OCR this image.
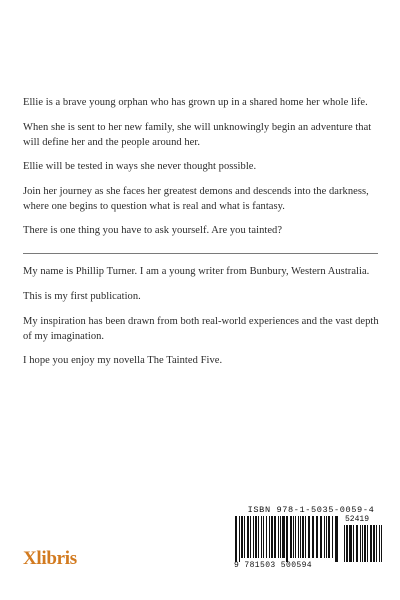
Ellie is a brave young orphan who has grown up in a shared home her whole life.

When she is sent to her new family, she will unknowingly begin an adventure that will define her and the people around her.

Ellie will be tested in ways she never thought possible.

Join her journey as she faces her greatest demons and descends into the darkness, where one begins to question what is real and what is fantasy.

There is one thing you have to ask yourself. Are you tainted?

My name is Phillip Turner. I am a young writer from Bunbury, Western Australia.

This is my first publication.

My inspiration has been drawn from both real-world experiences and the vast depth of my imagination.

I hope you enjoy my novella The Tainted Five.

ISBN 978-1-5035-0059-4
52419
9 781503 500594
Xlibris
